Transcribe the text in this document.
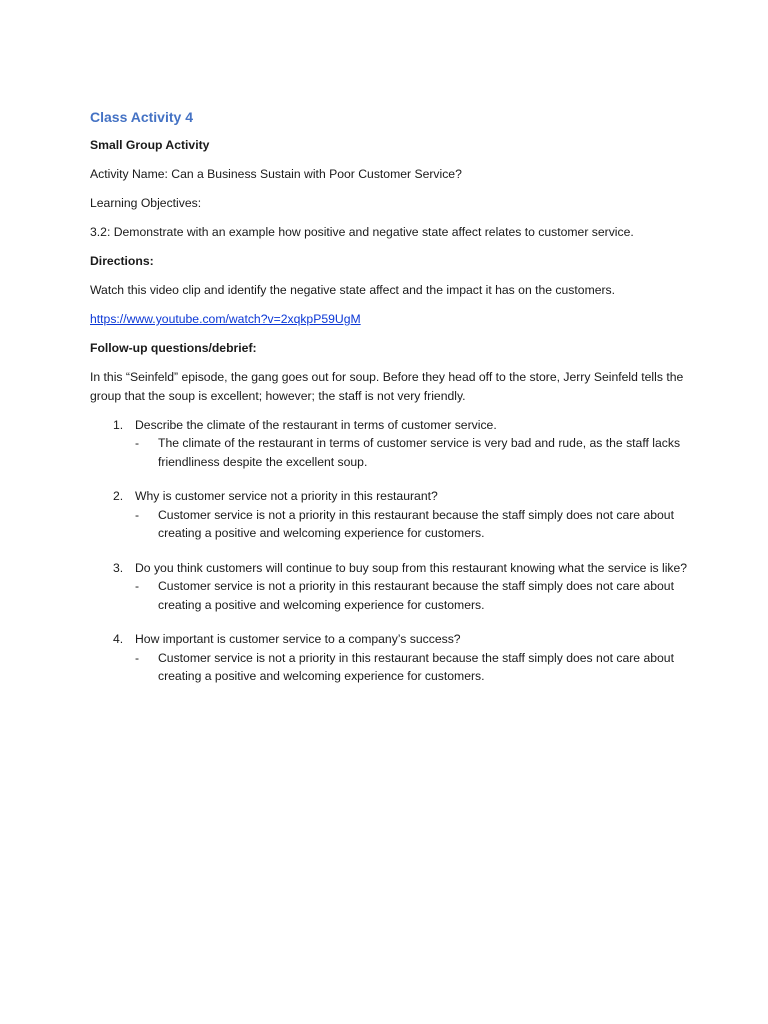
Class Activity 4
Small Group Activity
Activity Name: Can a Business Sustain with Poor Customer Service?
Learning Objectives:
3.2: Demonstrate with an example how positive and negative state affect relates to customer service.
Directions:
Watch this video clip and identify the negative state affect and the impact it has on the customers.
https://www.youtube.com/watch?v=2xqkpP59UgM
Follow-up questions/debrief:
In this “Seinfeld” episode, the gang goes out for soup. Before they head off to the store, Jerry Seinfeld tells the group that the soup is excellent; however; the staff is not very friendly.
1. Describe the climate of the restaurant in terms of customer service.
- The climate of the restaurant in terms of customer service is very bad and rude, as the staff lacks friendliness despite the excellent soup.
2. Why is customer service not a priority in this restaurant?
- Customer service is not a priority in this restaurant because the staff simply does not care about creating a positive and welcoming experience for customers.
3. Do you think customers will continue to buy soup from this restaurant knowing what the service is like?
- Customer service is not a priority in this restaurant because the staff simply does not care about creating a positive and welcoming experience for customers.
4. How important is customer service to a company’s success?
- Customer service is not a priority in this restaurant because the staff simply does not care about creating a positive and welcoming experience for customers.
